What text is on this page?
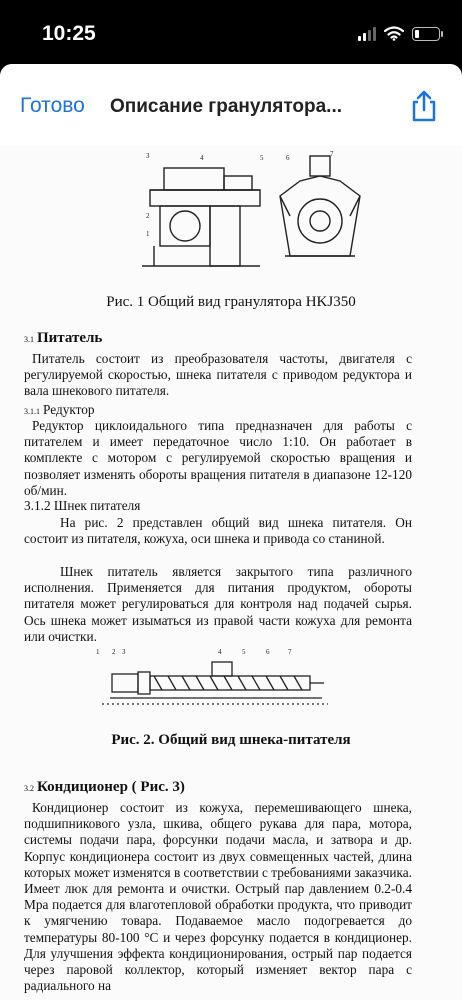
10:25
Готово Описание гранулятора...
3	4	5	6	7
2
1
Рис. 1 Общий вид гранулятора HKJ350
3.1 Питатель
Питатель состоит из преобразователя частоты, двигателя с регулируемой скоростью, шнека питателя с приводом редуктора и вала шнекового питателя.
3.1.1 Редуктор
Редуктор циклоидального типа предназначен для работы с питателем и имеет передаточное число 1:10. Он работает в комплекте с мотором с регулируемой скоростью вращения и позволяет изменять обороты вращения питателя в диапазоне 12-120 об/мин.
3.1.2 Шнек питателя
На рис. 2 представлен общий вид шнека питателя. Он состоит из питателя, кожуха, оси шнека и привода со станиной.
Шнек питатель является закрытого типа различного исполнения. Применяется для питания продуктом, обороты питателя может регулироваться для контроля над подачей сырья. Ось шнека может изыматься из правой части кожуха для ремонта или очистки.
1 2 3	4	5	6	7
Рис. 2. Общий вид шнека-питателя
3.2 Кондиционер ( Рис. 3)
Кондиционер состоит из кожуха, перемешивающего шнека, подшипникового узла, шкива, общего рукава для пара, мотора, системы подачи пара, форсунки подачи масла, и затвора и др. Корпус кондиционера состоит из двух совмещенных частей, длина которых может изменятся в соответствии с требованиями заказчика. Имеет люк для ремонта и очистки. Острый пар давлением 0.2-0.4 Мра подается для влаготепловой обработки продукта, что приводит к умягчению товара. Подаваемое масло подогревается до температуры 80-100 °С и через форсунку подается в кондиционер. Для улучшения эффекта кондиционирования, острый пар подается через паровой коллектор, который изменяет вектор пара с радиального на
